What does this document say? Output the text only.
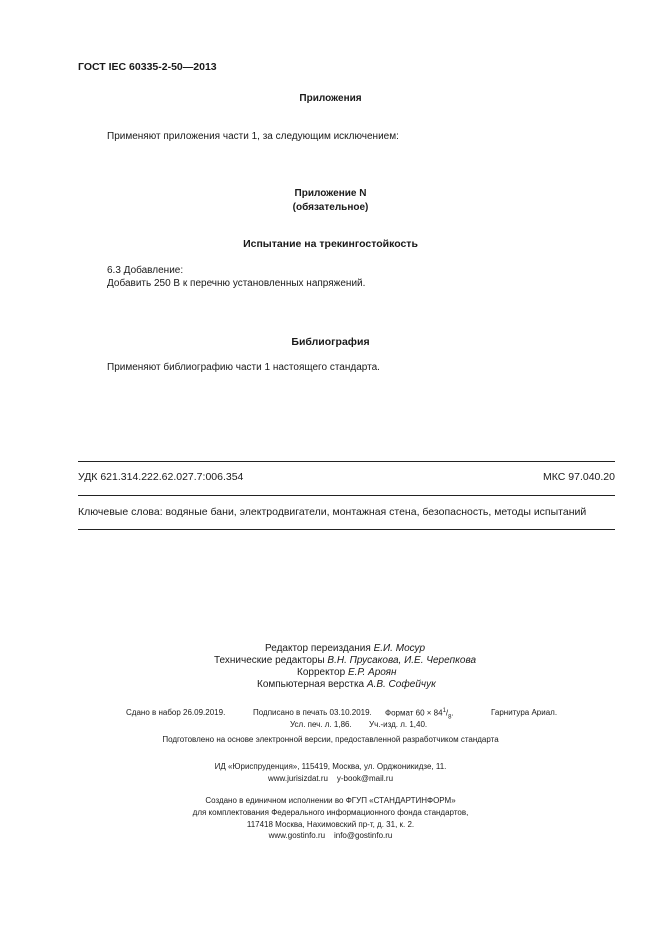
ГОСТ IEC 60335-2-50—2013
Приложения
Применяют приложения части 1, за следующим исключением:
Приложение N
(обязательное)
Испытание на трекингостойкость
6.3 Добавление:
Добавить 250 В к перечню установленных напряжений.
Библиография
Применяют библиографию части 1 настоящего стандарта.
УДК 621.314.222.62.027.7:006.354	МКС 97.040.20
Ключевые слова: водяные бани, электродвигатели, монтажная стена, безопасность, методы испытаний
Редактор переиздания Е.И. Мосур
Технические редакторы В.Н. Прусакова, И.Е. Черепкова
Корректор Е.Р. Ароян
Компьютерная верстка А.В. Софейчук
Сдано в набор 26.09.2019.	Подписано в печать 03.10.2019. Формат $60 \times 84^1/_8$.	Гарнитура Ариал.
Усл. печ. л. 1,86. Уч.-изд. л. 1,40.
Подготовлено на основе электронной версии, предоставленной разработчиком стандарта
ИД «Юриспруденция», 115419, Москва, ул. Орджоникидзе, 11.
www.jurisizdat.ru    y-book@mail.ru
Создано в единичном исполнении во ФГУП «СТАНДАРТИНФОРМ»
для комплектования Федерального информационного фонда стандартов,
117418 Москва, Нахимовский пр-т, д. 31, к. 2.
www.gostinfo.ru    info@gostinfo.ru
